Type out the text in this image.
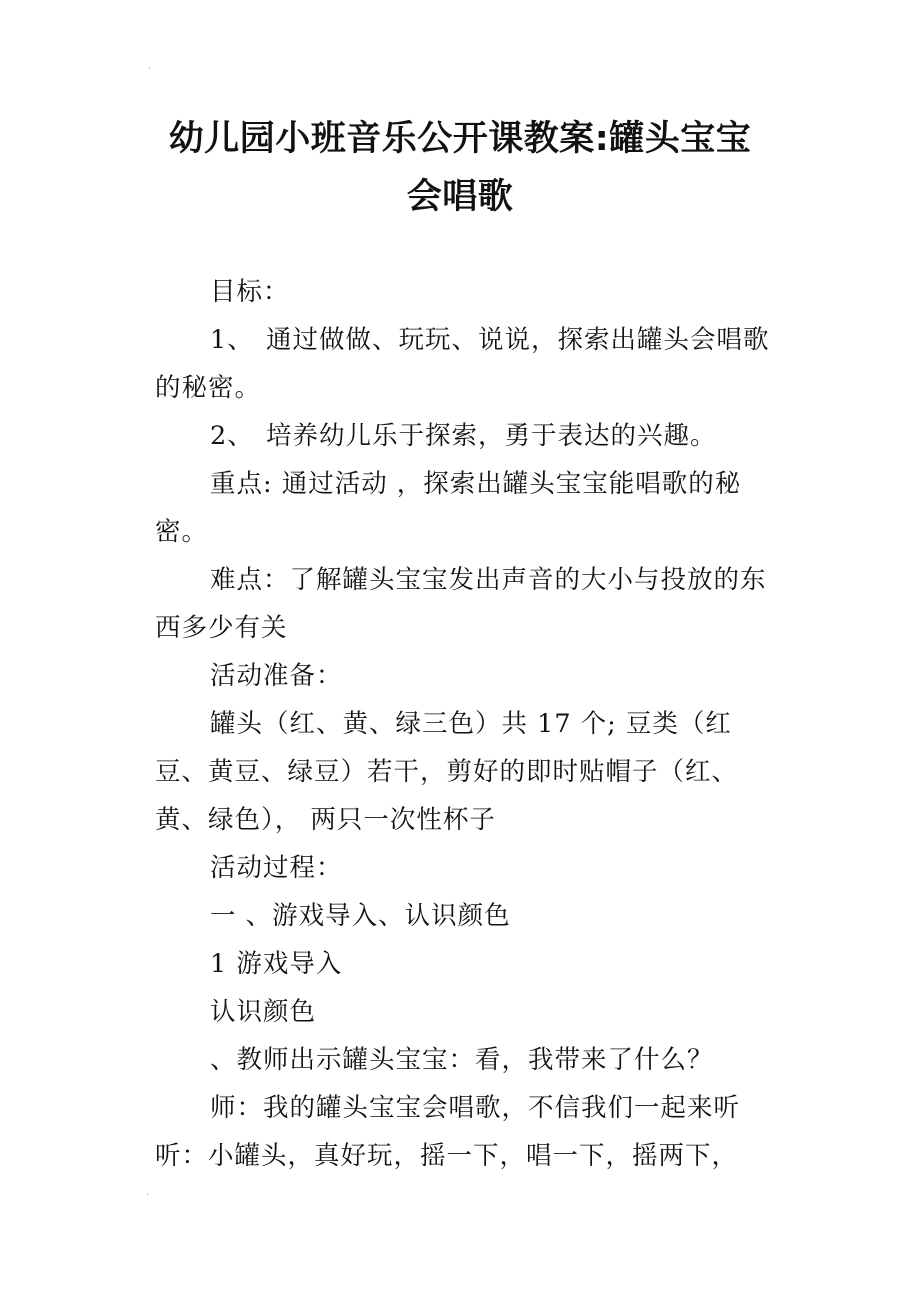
‘
幼儿园小班音乐公开课教案:罐头宝宝
会唱歌

目标：

1、 通过做做、玩玩、说说，探索出罐头会唱歌的秘密。

2、 培养幼儿乐于探索，勇于表达的兴趣。

重点: 通过活动 ，探索出罐头宝宝能唱歌的秘密。

难点：了解罐头宝宝发出声音的大小与投放的东西多少有关

活动准备：

罐头（红、黄、绿三色）共 17 个; 豆类（红豆、黄豆、绿豆）若干，剪好的即时贴帽子（红、黄、绿色）， 两只一次性杯子

活动过程：

一 、游戏导入、认识颜色

1 游戏导入

认识颜色

、教师出示罐头宝宝：看，我带来了什么？

师：我的罐头宝宝会唱歌，不信我们一起来听听：小罐头，真好玩，摇一下，唱一下，摇两下，

‘
